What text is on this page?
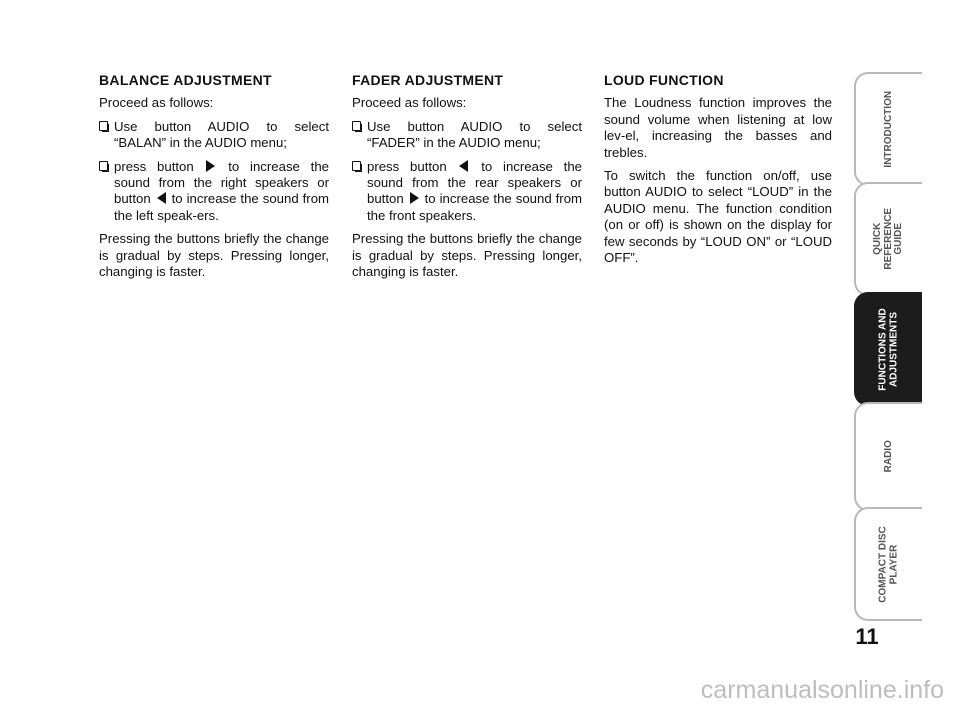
BALANCE ADJUSTMENT
Proceed as follows:
Use button AUDIO to select “BALAN” in the AUDIO menu;
press button	to increase the sound from the right speakers or button to increase the sound from the left speak-ers.
Pressing the buttons briefly the change is gradual by steps. Pressing longer, changing is faster.
FADER ADJUSTMENT
Proceed as follows:
Use button AUDIO to select “FADER” in the AUDIO menu;
press button	to increase the sound from the rear speakers or button to increase the sound from the front speakers.
Pressing the buttons briefly the change is gradual by steps. Pressing longer, changing is faster.
LOUD FUNCTION
The Loudness function improves the sound volume when listening at low lev-el, increasing the basses and trebles.
To switch the function on/off, use button AUDIO to select “LOUD” in the AUDIO menu. The function condition (on or off) is shown on the display for few seconds by “LOUD ON” or “LOUD OFF”.
INTRODUCTION
QUICK REFERENCE GUIDE
FUNCTIONS AND ADJUSTMENTS
RADIO
COMPACT DISC PLAYER
11
carmanualsonline.info
